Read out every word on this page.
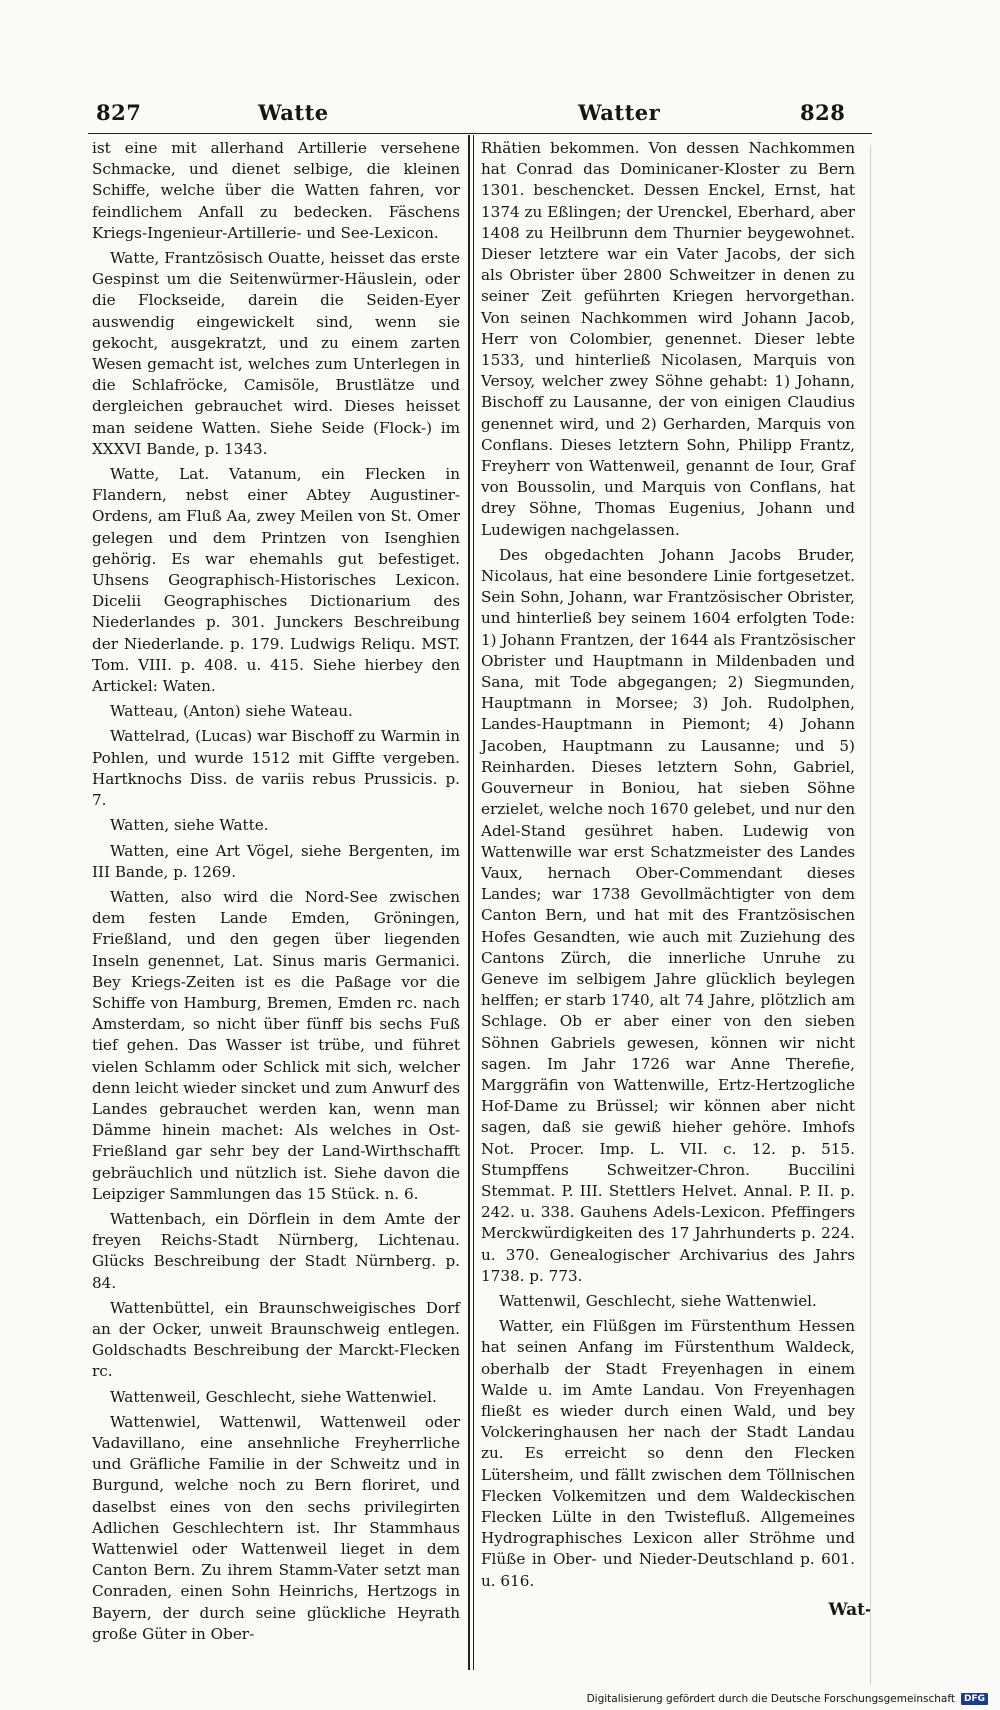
827	Watte	Watter	828

ist eine mit allerhand Artillerie versehene Schmacke, und dienet selbige, die kleinen Schiffe, welche über die Watten fahren, vor feindlichem Anfall zu bedecken. Fäschens Kriegs-Ingenieur-Artillerie- und See-Lexicon.

Watte, Frantzösisch Ouatte, heisset das erste Gespinst um die Seitenwürmer-Häuslein, oder die Flockseide, darein die Seiden-Eyer auswendig eingewickelt sind, wenn sie gekocht, ausgekratzt, und zu einem zarten Wesen gemacht ist, welches zum Unterlegen in die Schlafröcke, Camisöle, Brustlätze und dergleichen gebrauchet wird. Dieses heisset man seidene Watten. Siehe Seide (Flock-) im XXXVI Bande, p. 1343.

Watte, Lat. Vatanum, ein Flecken in Flandern, nebst einer Abtey Augustiner-Ordens, am Fluß Aa, zwey Meilen von St. Omer gelegen und dem Printzen von Isenghien gehörig. Es war ehemahls gut befestiget. Uhsens Geographisch-Historisches Lexicon. Dicelii Geographisches Dictionarium des Niederlandes p. 301. Junckers Beschreibung der Niederlande. p. 179. Ludwigs Reliqu. MST. Tom. VIII. p. 408. u. 415. Siehe hierbey den Artickel: Waten.

Watteau, (Anton) siehe Wateau.

Wattelrad, (Lucas) war Bischoff zu Warmin in Pohlen, und wurde 1512 mit Giffte vergeben. Hartknochs Diss. de variis rebus Prussicis. p. 7.

Watten, siehe Watte.

Watten, eine Art Vögel, siehe Bergenten, im III Bande, p. 1269.

Watten, also wird die Nord-See zwischen dem festen Lande Emden, Gröningen, Frießland, und den gegen über liegenden Inseln genennet, Lat. Sinus maris Germanici. Bey Kriegs-Zeiten ist es die Paßage vor die Schiffe von Hamburg, Bremen, Emden rc. nach Amsterdam, so nicht über fünff bis sechs Fuß tief gehen. Das Wasser ist trübe, und führet vielen Schlamm oder Schlick mit sich, welcher denn leicht wieder sincket und zum Anwurf des Landes gebrauchet werden kan, wenn man Dämme hinein machet: Als welches in Ost-Frießland gar sehr bey der Land-Wirthschafft gebräuchlich und nützlich ist. Siehe davon die Leipziger Sammlungen das 15 Stück. n. 6.

Wattenbach, ein Dörflein in dem Amte der freyen Reichs-Stadt Nürnberg, Lichtenau. Glücks Beschreibung der Stadt Nürnberg. p. 84.

Wattenbüttel, ein Braunschweigisches Dorf an der Ocker, unweit Braunschweig entlegen. Goldschadts Beschreibung der Marckt-Flecken rc.

Wattenweil, Geschlecht, siehe Wattenwiel.

Wattenwiel, Wattenwil, Wattenweil oder Vadavillano, eine ansehnliche Freyherrliche und Gräfliche Familie in der Schweitz und in Burgund, welche noch zu Bern floriret, und daselbst eines von den sechs privilegirten Adlichen Geschlechtern ist. Ihr Stammhaus Wattenwiel oder Wattenweil lieget in dem Canton Bern. Zu ihrem Stamm-Vater setzt man Conraden, einen Sohn Heinrichs, Hertzogs in Bayern, der durch seine glückliche Heyrath große Güter in Ober-

Rhätien bekommen. Von dessen Nachkommen hat Conrad das Dominicaner-Kloster zu Bern 1301. beschencket. Dessen Enckel, Ernst, hat 1374 zu Eßlingen; der Urenckel, Eberhard, aber 1408 zu Heilbrunn dem Thurnier beygewohnet. Dieser letztere war ein Vater Jacobs, der sich als Obrister über 2800 Schweitzer in denen zu seiner Zeit geführten Kriegen hervorgethan. Von seinen Nachkommen wird Johann Jacob, Herr von Colombier, genennet. Dieser lebte 1533, und hinterließ Nicolasen, Marquis von Versoy, welcher zwey Söhne gehabt: 1) Johann, Bischoff zu Lausanne, der von einigen Claudius genennet wird, und 2) Gerharden, Marquis von Conflans. Dieses letztern Sohn, Philipp Frantz, Freyherr von Wattenweil, genannt de Iour, Graf von Boussolin, und Marquis von Conflans, hat drey Söhne, Thomas Eugenius, Johann und Ludewigen nachgelassen.

Des obgedachten Johann Jacobs Bruder, Nicolaus, hat eine besondere Linie fortgesetzet. Sein Sohn, Johann, war Frantzösischer Obrister, und hinterließ bey seinem 1604 erfolgten Tode: 1) Johann Frantzen, der 1644 als Frantzösischer Obrister und Hauptmann in Mildenbaden und Sana, mit Tode abgegangen; 2) Siegmunden, Hauptmann in Morsee; 3) Joh. Rudolphen, Landes-Hauptmann in Piemont; 4) Johann Jacoben, Hauptmann zu Lausanne; und 5) Reinharden. Dieses letztern Sohn, Gabriel, Gouverneur in Boniou, hat sieben Söhne erzielet, welche noch 1670 gelebet, und nur den Adel-Stand gesühret haben. Ludewig von Wattenwille war erst Schatzmeister des Landes Vaux, hernach Ober-Commendant dieses Landes; war 1738 Gevollmächtigter von dem Canton Bern, und hat mit des Frantzösischen Hofes Gesandten, wie auch mit Zuziehung des Cantons Zürch, die innerliche Unruhe zu Geneve im selbigem Jahre glücklich beylegen helffen; er starb 1740, alt 74 Jahre, plötzlich am Schlage. Ob er aber einer von den sieben Söhnen Gabriels gewesen, können wir nicht sagen. Im Jahr 1726 war Anne Therefie, Marggräfin von Wattenwille, Ertz-Hertzogliche Hof-Dame zu Brüssel; wir können aber nicht sagen, daß sie gewiß hieher gehöre. Imhofs Not. Procer. Imp. L. VII. c. 12. p. 515. Stumpffens Schweitzer-Chron. Buccilini Stemmat. P. III. Stettlers Helvet. Annal. P. II. p. 242. u. 338. Gauhens Adels-Lexicon. Pfeffingers Merckwürdigkeiten des 17 Jahrhunderts p. 224. u. 370. Genealogischer Archivarius des Jahrs 1738. p. 773.

Wattenwil, Geschlecht, siehe Wattenwiel.

Watter, ein Flüßgen im Fürstenthum Hessen hat seinen Anfang im Fürstenthum Waldeck, oberhalb der Stadt Freyenhagen in einem Walde u. im Amte Landau. Von Freyenhagen fließt es wieder durch einen Wald, und bey Volckeringhausen her nach der Stadt Landau zu. Es erreicht so denn den Flecken Lütersheim, und fällt zwischen dem Töllnischen Flecken Volkemitzen und dem Waldeckischen Flecken Lülte in den Twistefluß. Allgemeines Hydrographisches Lexicon aller Ströhme und Flüße in Ober- und Nieder-Deutschland p. 601. u. 616.

Wat-
Digitalisierung gefördert durch die Deutsche Forschungsgemeinschaft	DFG
